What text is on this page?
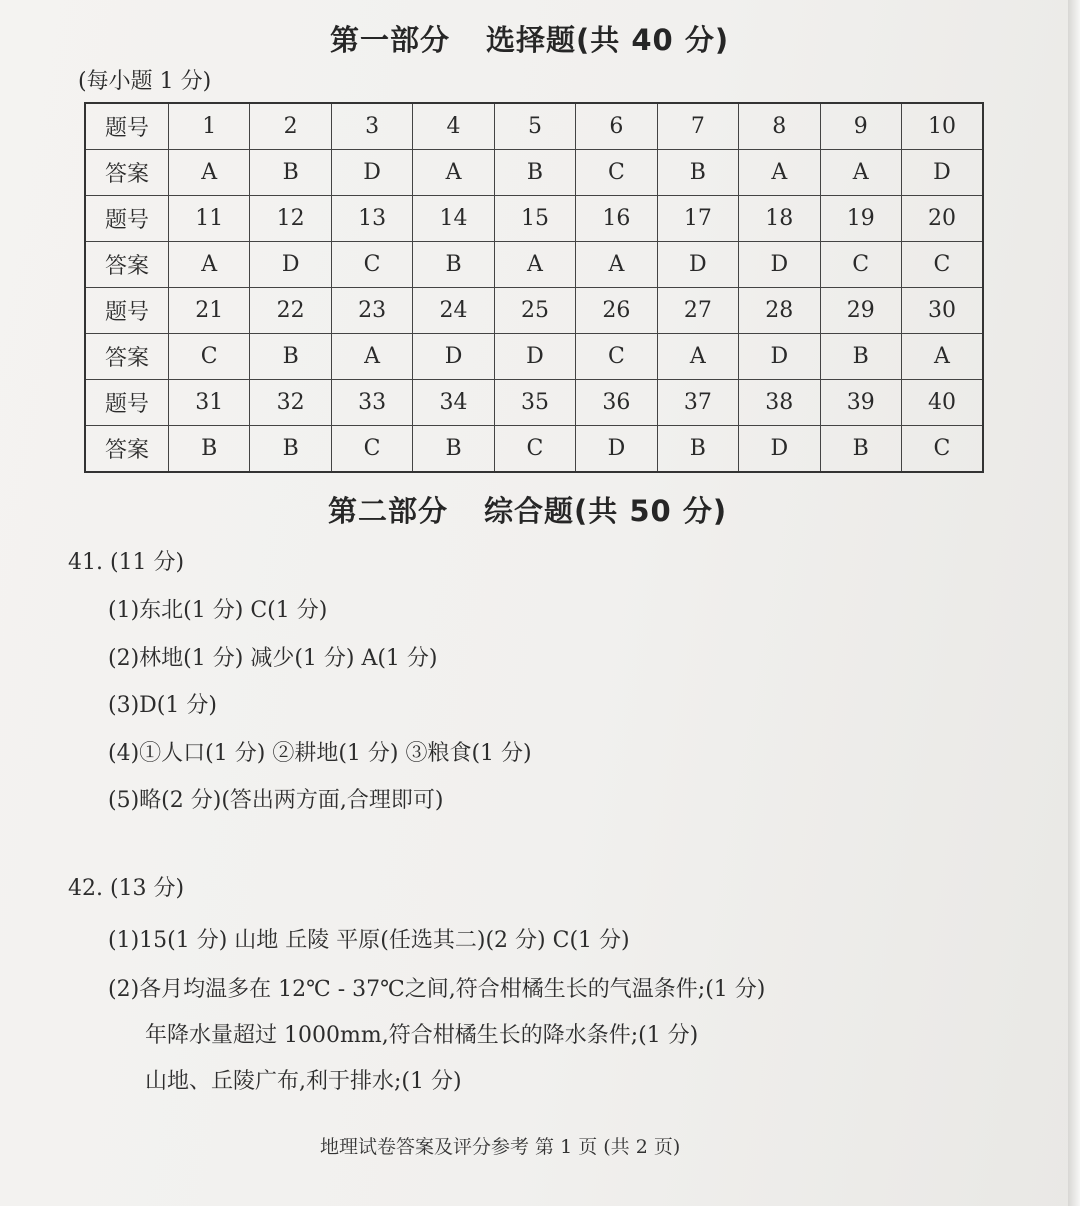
第一部分 选择题(共 40 分)
(每小题 1 分)
题号	1	2	3	4	5	6	7	8	9	10
答案	A	B	D	A	B	C	B	A	A	D
题号	11	12	13	14	15	16	17	18	19	20
答案	A	D	C	B	A	A	D	D	C	C
题号	21	22	23	24	25	26	27	28	29	30
答案	C	B	A	D	D	C	A	D	B	A
题号	31	32	33	34	35	36	37	38	39	40
答案	B	B	C	B	C	D	B	D	B	C
第二部分 综合题(共 50 分)
41. (11 分)
(1)东北(1 分) C(1 分)
(2)林地(1 分) 减少(1 分) A(1 分)
(3)D(1 分)
(4)①人口(1 分) ②耕地(1 分) ③粮食(1 分)
(5)略(2 分)(答出两方面,合理即可)
42. (13 分)
(1)15(1 分) 山地 丘陵 平原(任选其二)(2 分) C(1 分)
(2)各月均温多在 12℃ - 37℃之间,符合柑橘生长的气温条件;(1 分)
年降水量超过 1000mm,符合柑橘生长的降水条件;(1 分)
山地、丘陵广布,利于排水;(1 分)
地理试卷答案及评分参考 第 1 页 (共 2 页)
